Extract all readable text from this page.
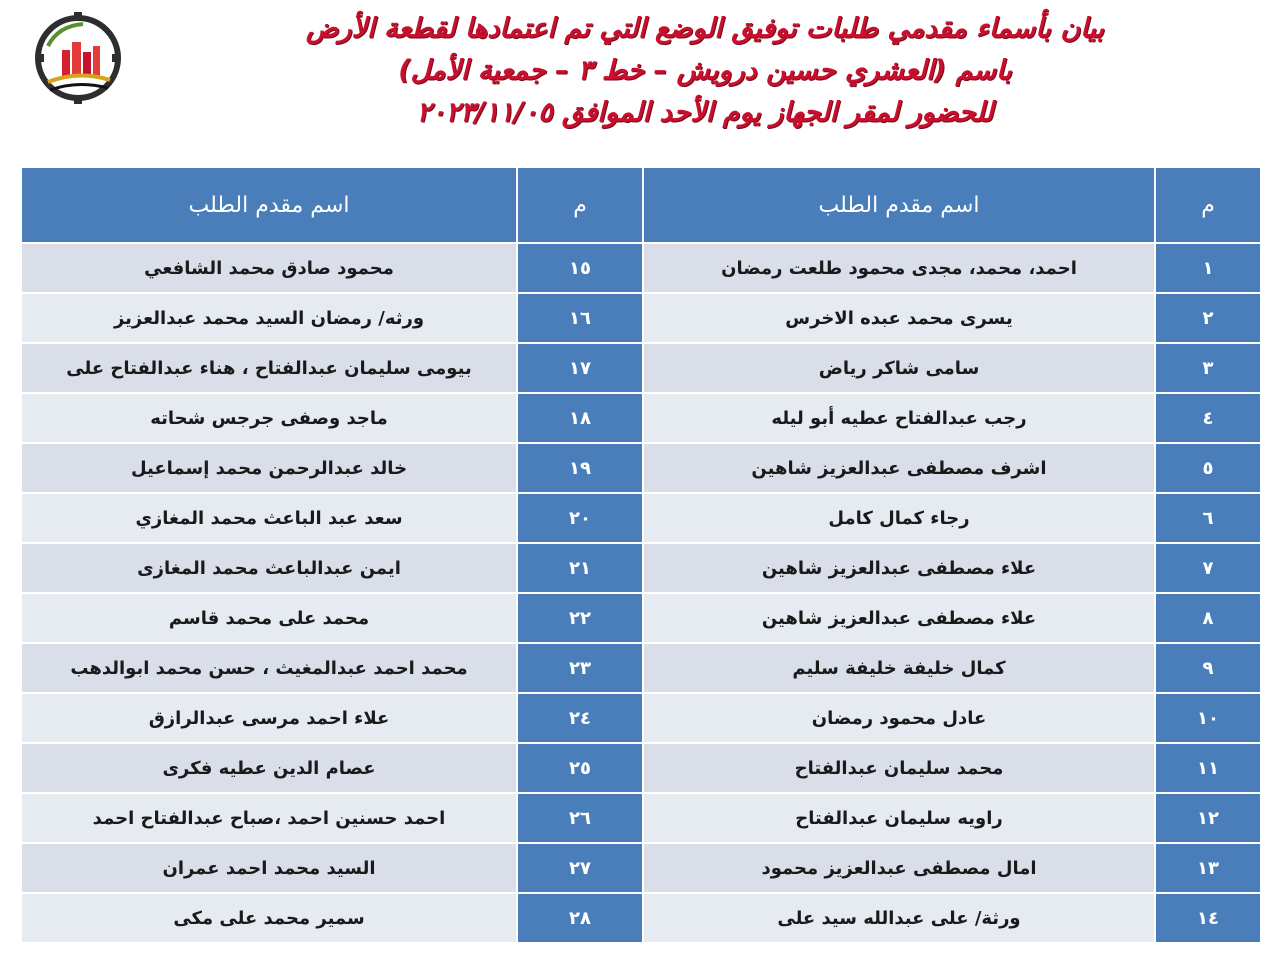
بيان بأسماء مقدمي طلبات توفيق الوضع التي تم اعتمادها لقطعة الأرض
باسم (العشري حسين درويش – خط ٣ – جمعية الأمل)
للحضور لمقر الجهاز يوم الأحد الموافق ٢٠٢٣/١١/٠٥
م	اسم مقدم الطلب	م	اسم مقدم الطلب
١	احمد، محمد، مجدى محمود طلعت رمضان	١٥	محمود صادق محمد الشافعي
٢	يسرى محمد عبده الاخرس	١٦	ورثه/ رمضان السيد محمد عبدالعزيز
٣	سامى شاكر رياض	١٧	بيومى سليمان عبدالفتاح ، هناء عبدالفتاح على
٤	رجب عبدالفتاح عطيه أبو ليله	١٨	ماجد وصفى جرجس شحاته
٥	اشرف مصطفى عبدالعزيز شاهين	١٩	خالد عبدالرحمن محمد إسماعيل
٦	رجاء كمال كامل	٢٠	سعد عبد الباعث محمد المغازي
٧	علاء مصطفى عبدالعزيز شاهين	٢١	ايمن عبدالباعث محمد المغازى
٨	علاء مصطفى عبدالعزيز شاهين	٢٢	محمد على محمد قاسم
٩	كمال خليفة خليفة سليم	٢٣	محمد احمد عبدالمغيث ، حسن محمد ابوالدهب
١٠	عادل محمود رمضان	٢٤	علاء احمد مرسى عبدالرازق
١١	محمد سليمان عبدالفتاح	٢٥	عصام الدين عطيه فكرى
١٢	راويه سليمان عبدالفتاح	٢٦	احمد حسنين احمد ،صباح عبدالفتاح احمد
١٣	امال مصطفى عبدالعزيز محمود	٢٧	السيد محمد احمد عمران
١٤	ورثة/ على عبدالله سيد على	٢٨	سمير محمد على مكى
